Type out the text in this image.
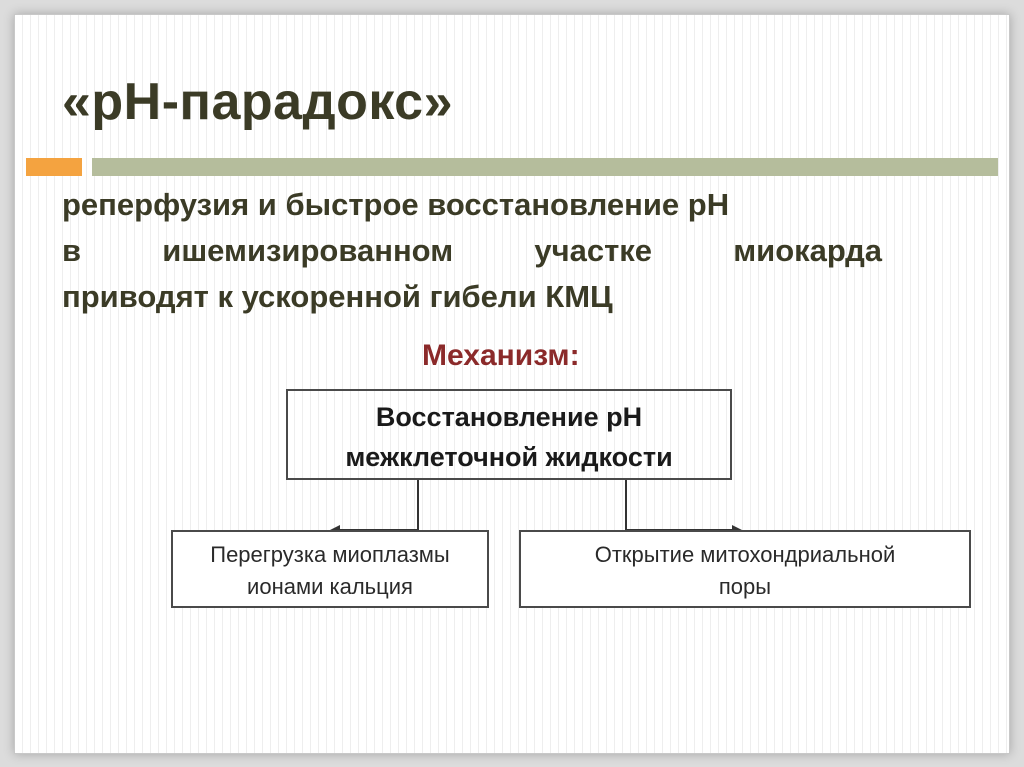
«pH-парадокс»
реперфузия и быстрое восстановление pH
в ишемизированном участке миокарда
приводят к ускоренной гибели КМЦ
Восстановление pH
межклеточной жидкости
Механизм:
Перегрузка миоплазмы
ионами кальция
Открытие митохондриальной
поры
